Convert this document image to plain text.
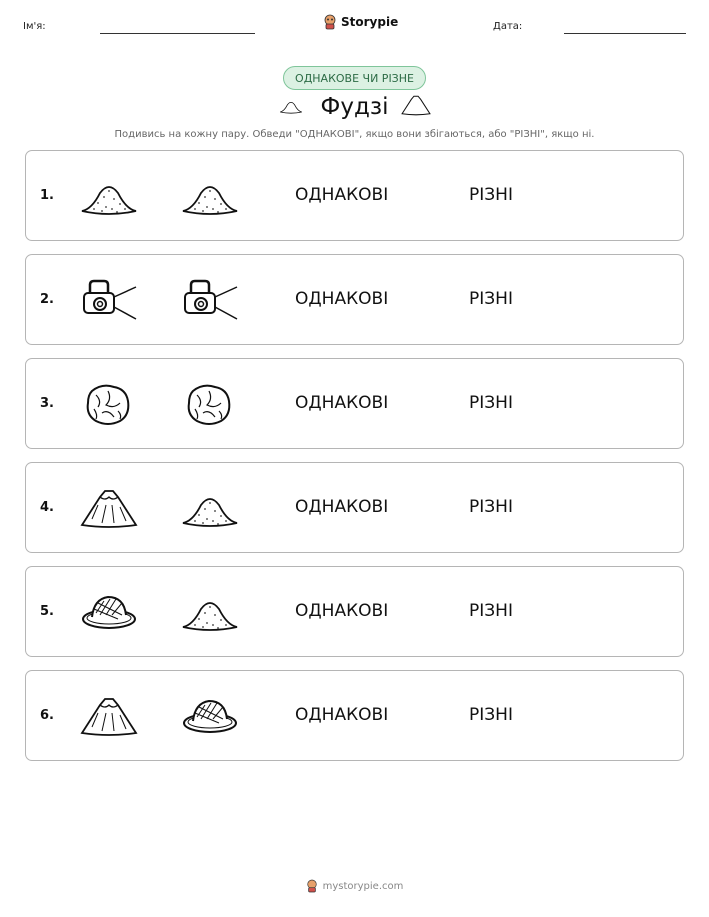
Ім'я:	Storypie	Дата:
ОДНАКОВЕ ЧИ РІЗНЕ
Фудзі
Подивись на кожну пару. Обведи "ОДНАКОВІ", якщо вони збігаються, або "РІЗНІ", якщо ні.
1.	ОДНАКОВІ	РІЗНІ
2.	ОДНАКОВІ	РІЗНІ
3.	ОДНАКОВІ	РІЗНІ
4.	ОДНАКОВІ	РІЗНІ
5.	ОДНАКОВІ	РІЗНІ
6.	ОДНАКОВІ	РІЗНІ
mystorypie.com
